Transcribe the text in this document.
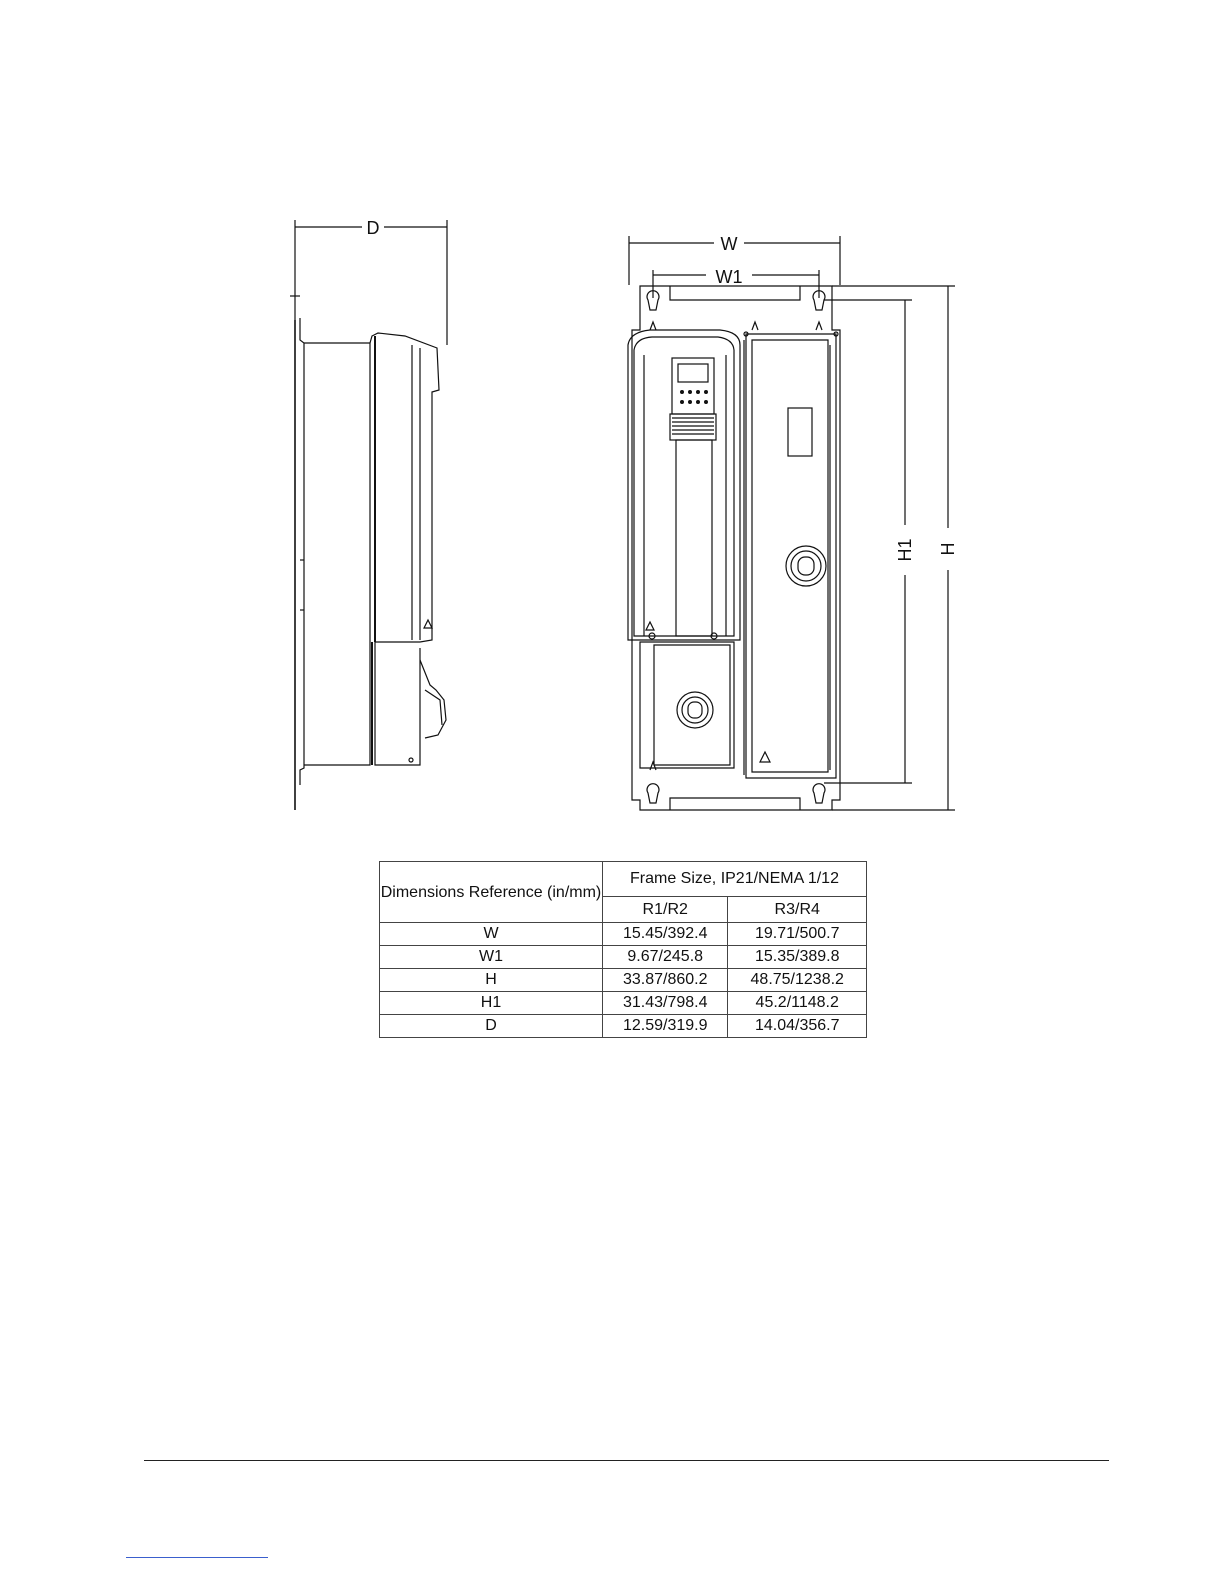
D
W
W1
H1 H
Dimensions Reference (in/mm)	Frame Size, IP21/NEMA 1/12	
	R1/R2	R3/R4
W	15.45/392.4	19.71/500.7
W1	9.67/245.8	15.35/389.8
H	33.87/860.2	48.75/1238.2
H1	31.43/798.4	45.2/1148.2
D	12.59/319.9	14.04/356.7
